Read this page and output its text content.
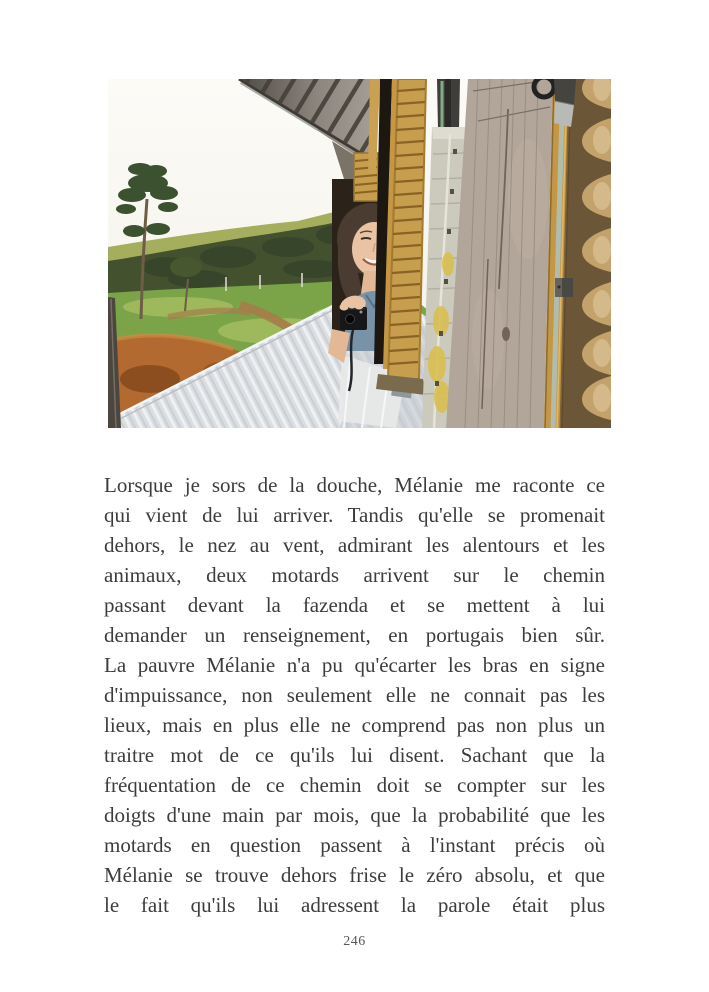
Lorsque je sors de la douche, Mélanie me raconte ce
qui vient de lui arriver. Tandis qu'elle se promenait
dehors, le nez au vent, admirant les alentours et les
animaux, deux motards arrivent sur le chemin
passant devant la fazenda et se mettent à lui
demander un renseignement, en portugais bien sûr.
La pauvre Mélanie n'a pu qu'écarter les bras en signe
d'impuissance, non seulement elle ne connait pas les
lieux, mais en plus elle ne comprend pas non plus un
traitre mot de ce qu'ils lui disent. Sachant que la
fréquentation de ce chemin doit se compter sur les
doigts d'une main par mois, que la probabilité que les
motards en question passent à l'instant précis où
Mélanie se trouve dehors frise le zéro absolu, et que
le fait qu'ils lui adressent la parole était plus
246
